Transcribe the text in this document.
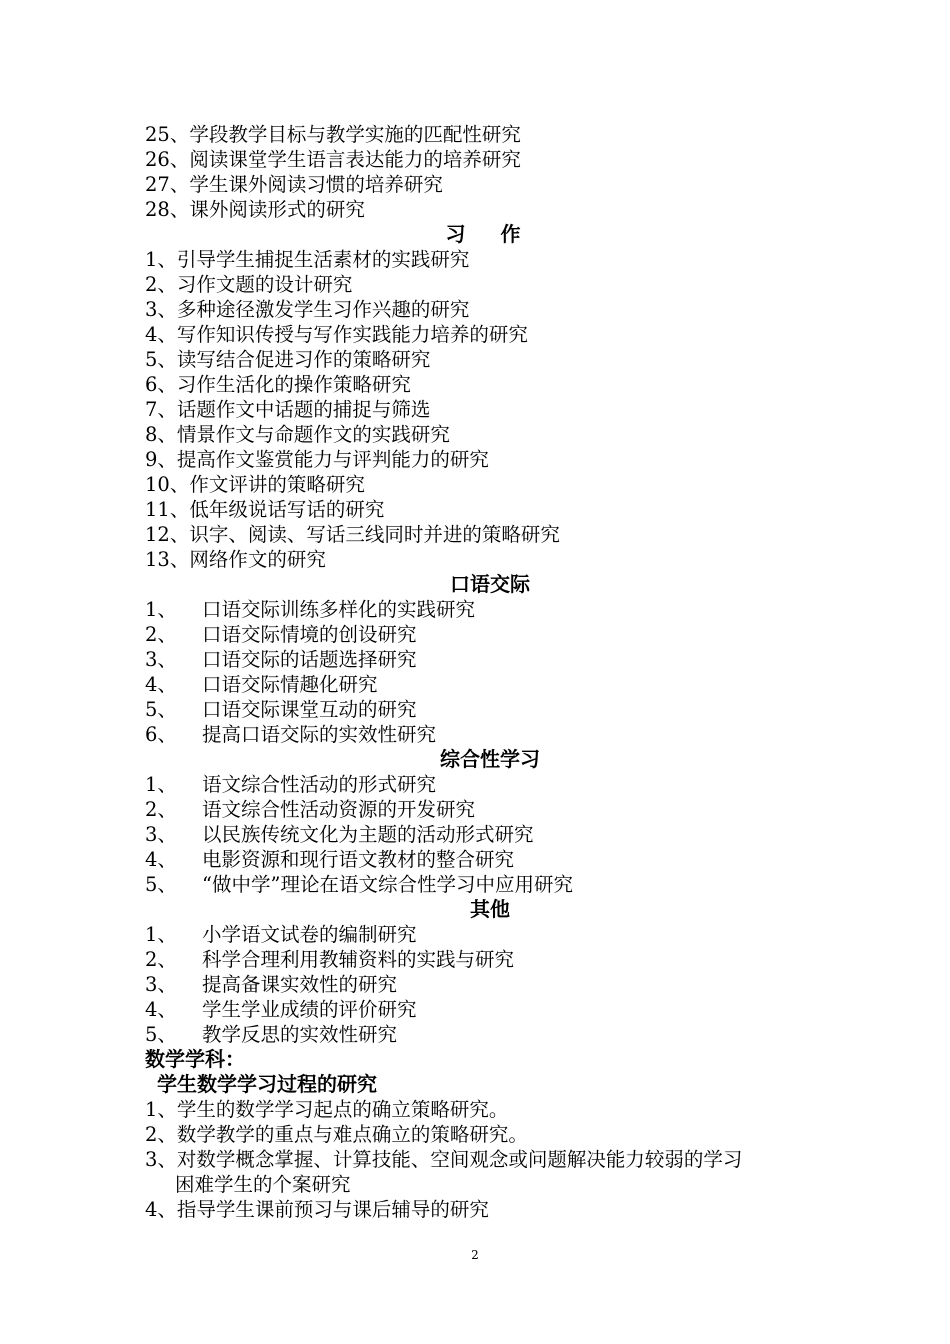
25、学段教学目标与教学实施的匹配性研究
26、阅读课堂学生语言表达能力的培养研究
27、学生课外阅读习惯的培养研究
28、课外阅读形式的研究
习 作
1、引导学生捕捉生活素材的实践研究
2、习作文题的设计研究
3、多种途径激发学生习作兴趣的研究
4、写作知识传授与写作实践能力培养的研究
5、读写结合促进习作的策略研究
6、习作生活化的操作策略研究
7、话题作文中话题的捕捉与筛选
8、情景作文与命题作文的实践研究
9、提高作文鉴赏能力与评判能力的研究
10、作文评讲的策略研究
11、低年级说话写话的研究
12、识字、阅读、写话三线同时并进的策略研究
13、网络作文的研究
口语交际
1、	口语交际训练多样化的实践研究
2、	口语交际情境的创设研究
3、	口语交际的话题选择研究
4、	口语交际情趣化研究
5、	口语交际课堂互动的研究
6、	提高口语交际的实效性研究
综合性学习
1、	语文综合性活动的形式研究
2、	语文综合性活动资源的开发研究
3、	以民族传统文化为主题的活动形式研究
4、	电影资源和现行语文教材的整合研究
5、	“做中学”理论在语文综合性学习中应用研究
其他
1、	小学语文试卷的编制研究
2、	科学合理利用教辅资料的实践与研究
3、	提高备课实效性的研究
4、	学生学业成绩的评价研究
5、	教学反思的实效性研究
数学学科：
学生数学学习过程的研究
1、学生的数学学习起点的确立策略研究。
2、数学教学的重点与难点确立的策略研究。
3、对数学概念掌握、计算技能、空间观念或问题解决能力较弱的学习
困难学生的个案研究
4、指导学生课前预习与课后辅导的研究
2
